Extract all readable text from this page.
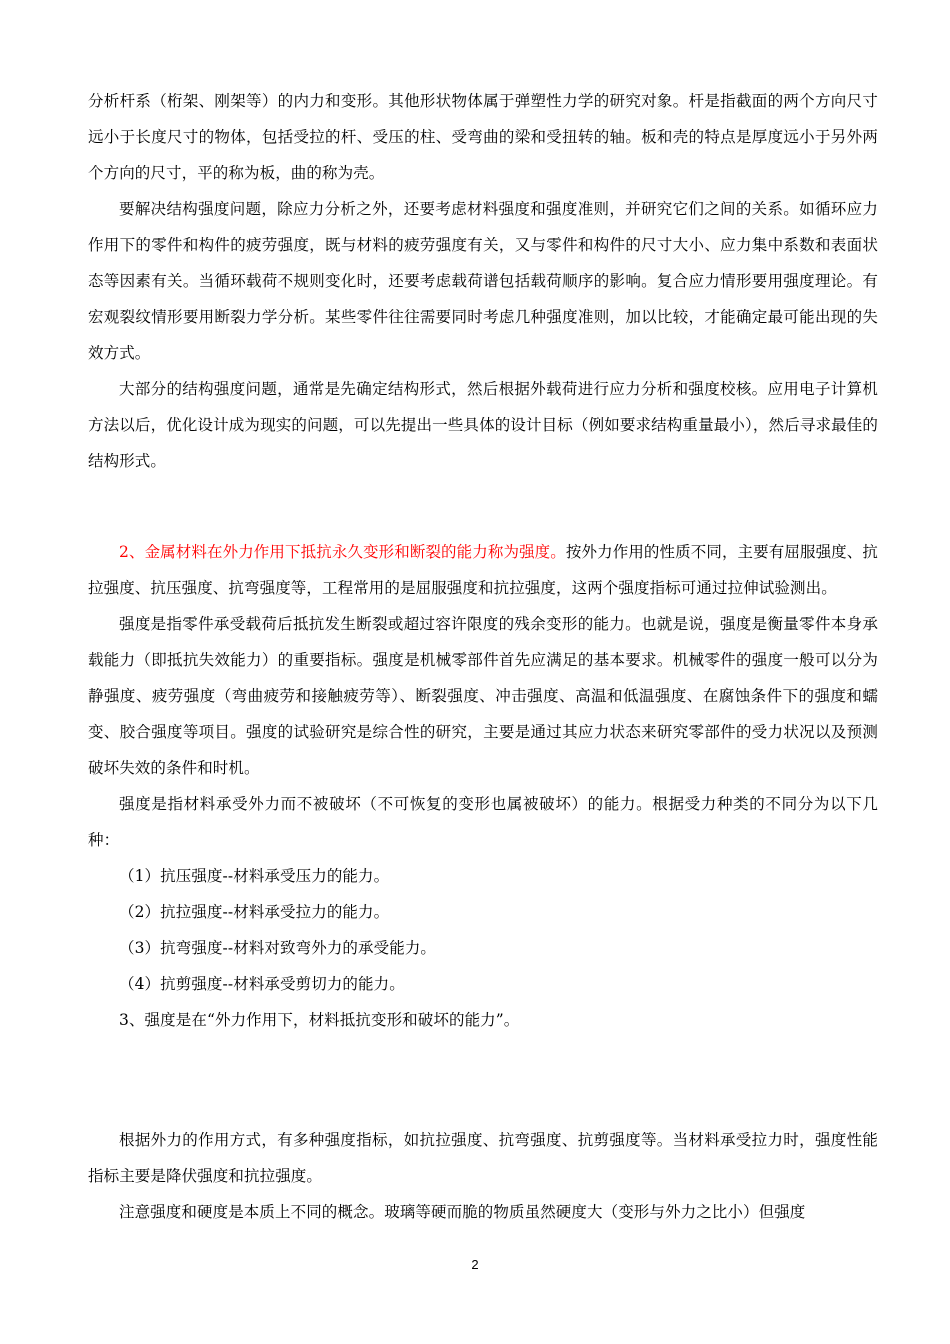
分析杆系（桁架、刚架等）的内力和变形。其他形状物体属于弹塑性力学的研究对象。杆是指截面的两个方向尺寸远小于长度尺寸的物体，包括受拉的杆、受压的柱、受弯曲的梁和受扭转的轴。板和壳的特点是厚度远小于另外两个方向的尺寸，平的称为板，曲的称为壳。

要解决结构强度问题，除应力分析之外，还要考虑材料强度和强度准则，并研究它们之间的关系。如循环应力作用下的零件和构件的疲劳强度，既与材料的疲劳强度有关，又与零件和构件的尺寸大小、应力集中系数和表面状态等因素有关。当循环载荷不规则变化时，还要考虑载荷谱包括载荷顺序的影响。复合应力情形要用强度理论。有宏观裂纹情形要用断裂力学分析。某些零件往往需要同时考虑几种强度准则，加以比较，才能确定最可能出现的失效方式。

大部分的结构强度问题，通常是先确定结构形式，然后根据外载荷进行应力分析和强度校核。应用电子计算机方法以后，优化设计成为现实的问题，可以先提出一些具体的设计目标（例如要求结构重量最小），然后寻求最佳的结构形式。

2、金属材料在外力作用下抵抗永久变形和断裂的能力称为强度。按外力作用的性质不同，主要有屈服强度、抗拉强度、抗压强度、抗弯强度等，工程常用的是屈服强度和抗拉强度，这两个强度指标可通过拉伸试验测出。

强度是指零件承受载荷后抵抗发生断裂或超过容许限度的残余变形的能力。也就是说，强度是衡量零件本身承载能力（即抵抗失效能力）的重要指标。强度是机械零部件首先应满足的基本要求。机械零件的强度一般可以分为静强度、疲劳强度（弯曲疲劳和接触疲劳等）、断裂强度、冲击强度、高温和低温强度、在腐蚀条件下的强度和蠕变、胶合强度等项目。强度的试验研究是综合性的研究，主要是通过其应力状态来研究零部件的受力状况以及预测破坏失效的条件和时机。

强度是指材料承受外力而不被破坏（不可恢复的变形也属被破坏）的能力。根据受力种类的不同分为以下几种：

（1）抗压强度--材料承受压力的能力。

（2）抗拉强度--材料承受拉力的能力。

（3）抗弯强度--材料对致弯外力的承受能力。

（4）抗剪强度--材料承受剪切力的能力。

3、强度是在“外力作用下，材料抵抗变形和破坏的能力”。

根据外力的作用方式，有多种强度指标，如抗拉强度、抗弯强度、抗剪强度等。当材料承受拉力时，强度性能指标主要是降伏强度和抗拉强度。

注意强度和硬度是本质上不同的概念。玻璃等硬而脆的物质虽然硬度大（变形与外力之比小）但强度

2
